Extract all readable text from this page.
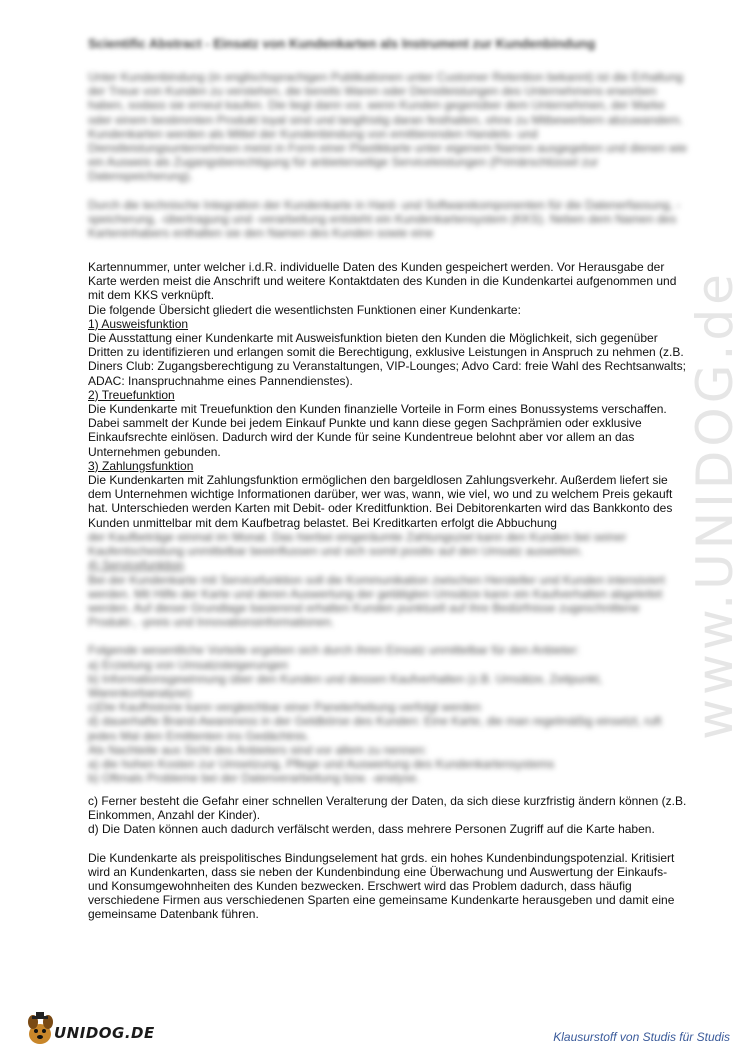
Scientific Abstract - Einsatz von Kundenkarten als Instrument zur Kundenbindung

Unter Kundenbindung (in englischsprachigen Publikationen unter Customer Retention bekannt) ist die Erhaltung der Treue von Kunden zu verstehen, die bereits Waren oder Dienstleistungen des Unternehmens erworben haben, sodass sie erneut kaufen. Die liegt dann vor, wenn Kunden gegenüber dem Unternehmen, der Marke oder einem bestimmten Produkt loyal sind und langfristig daran festhalten, ohne zu Mitbewerbern abzuwandern.

Kundenkarten werden als Mittel der Kundenbindung von emittierenden Handels- und Dienstleistungsunternehmen meist in Form einer Plastikkarte unter eigenem Namen ausgegeben und dienen wie ein Ausweis als Zugangsberechtigung für anbieterseitige Serviceleistungen (Primärschlüssel zur Datenspeicherung).

Durch die technische Integration der Kundenkarte in Hard- und Softwarekomponenten für die Datenerfassung, -speicherung, -übertragung und -verarbeitung entsteht ein Kundenkartensystem (KKS). Neben dem Namen des Karteninhabers enthalten sie den Namen des Kunden sowie eine

Kartennummer, unter welcher i.d.R. individuelle Daten des Kunden gespeichert werden. Vor Herausgabe der Karte werden meist die Anschrift und weitere Kontaktdaten des Kunden in die Kundenkartei aufgenommen und mit dem KKS verknüpft.

Die folgende Übersicht gliedert die wesentlichsten Funktionen einer Kundenkarte:

1) Ausweisfunktion

Die Ausstattung einer Kundenkarte mit Ausweisfunktion bieten den Kunden die Möglichkeit, sich gegenüber Dritten zu identifizieren und erlangen somit die Berechtigung, exklusive Leistungen in Anspruch zu nehmen (z.B. Diners Club: Zugangsberechtigung zu Veranstaltungen, VIP-Lounges; Advo Card: freie Wahl des Rechtsanwalts; ADAC: Inanspruchnahme eines Pannendienstes).

2) Treuefunktion

Die Kundenkarte mit Treuefunktion den Kunden finanzielle Vorteile in Form eines Bonussystems verschaffen. Dabei sammelt der Kunde bei jedem Einkauf Punkte und kann diese gegen Sachprämien oder exklusive Einkaufsrechte einlösen. Dadurch wird der Kunde für seine Kundentreue belohnt aber vor allem an das Unternehmen gebunden.

3) Zahlungsfunktion

Die Kundenkarten mit Zahlungsfunktion ermöglichen den bargeldlosen Zahlungsverkehr. Außerdem liefert sie dem Unternehmen wichtige Informationen darüber, wer was, wann, wie viel, wo und zu welchem Preis gekauft hat. Unterschieden werden Karten mit Debit- oder Kreditfunktion. Bei Debitorenkarten wird das Bankkonto des Kunden unmittelbar mit dem Kaufbetrag belastet. Bei Kreditkarten erfolgt die Abbuchung

der Kaufbeträge einmal im Monat. Das hierbei eingeräumte Zahlungsziel kann den Kunden bei seiner Kaufentscheidung unmittelbar beeinflussen und sich somit positiv auf den Umsatz auswirken.

4) Servicefunktion

Bei der Kundenkarte mit Servicefunktion soll die Kommunikation zwischen Hersteller und Kunden intensiviert werden. Mit Hilfe der Karte und deren Auswertung der getätigten Umsätze kann ein Kaufverhalten abgeleitet werden. Auf dieser Grundlage basierend erhalten Kunden punktuell auf ihre Bedürfnisse zugeschnittene Produkt-, -preis und Innovationsinformationen.

Folgende wesentliche Vorteile ergeben sich durch ihren Einsatz unmittelbar für den Anbieter:

a) Erzielung von Umsatzsteigerungen

b) Informationsgewinnung über den Kunden und dessen Kaufverhalten (z.B. Umsätze, Zeitpunkt, Warenkorbanalyse)

c)Die Kaufhistorie kann vergleichbar einer Panelerhebung verfolgt werden

d) dauerhafte Brand-Awareness in der Geldbörse des Kunden: Eine Karte, die man regelmäßig einsetzt, ruft jedes Mal den Emittenten ins Gedächtnis.

Als Nachteile aus Sicht des Anbieters sind vor allem zu nennen:

a) die hohen Kosten zur Umsetzung, Pflege und Auswertung des Kundenkartensystems

b) Oftmals Probleme bei der Datenverarbeitung bzw. -analyse.

c) Ferner besteht die Gefahr einer schnellen Veralterung der Daten, da sich diese kurzfristig ändern können (z.B. Einkommen, Anzahl der Kinder).

d) Die Daten können auch dadurch verfälscht werden, dass mehrere Personen Zugriff auf die Karte haben.

Die Kundenkarte als preispolitisches Bindungselement hat grds. ein hohes Kundenbindungspotenzial. Kritisiert wird an Kundenkarten, dass sie neben der Kundenbindung eine Überwachung und Auswertung der Einkaufs- und Konsumgewohnheiten des Kunden bezwecken. Erschwert wird das Problem dadurch, dass häufig verschiedene Firmen aus verschiedenen Sparten eine gemeinsame Kundenkarte herausgeben und damit eine gemeinsame Datenbank führen.

www.UNIDOG.de
UNIDOG.DE	Klausurstoff von Studis für Studis
